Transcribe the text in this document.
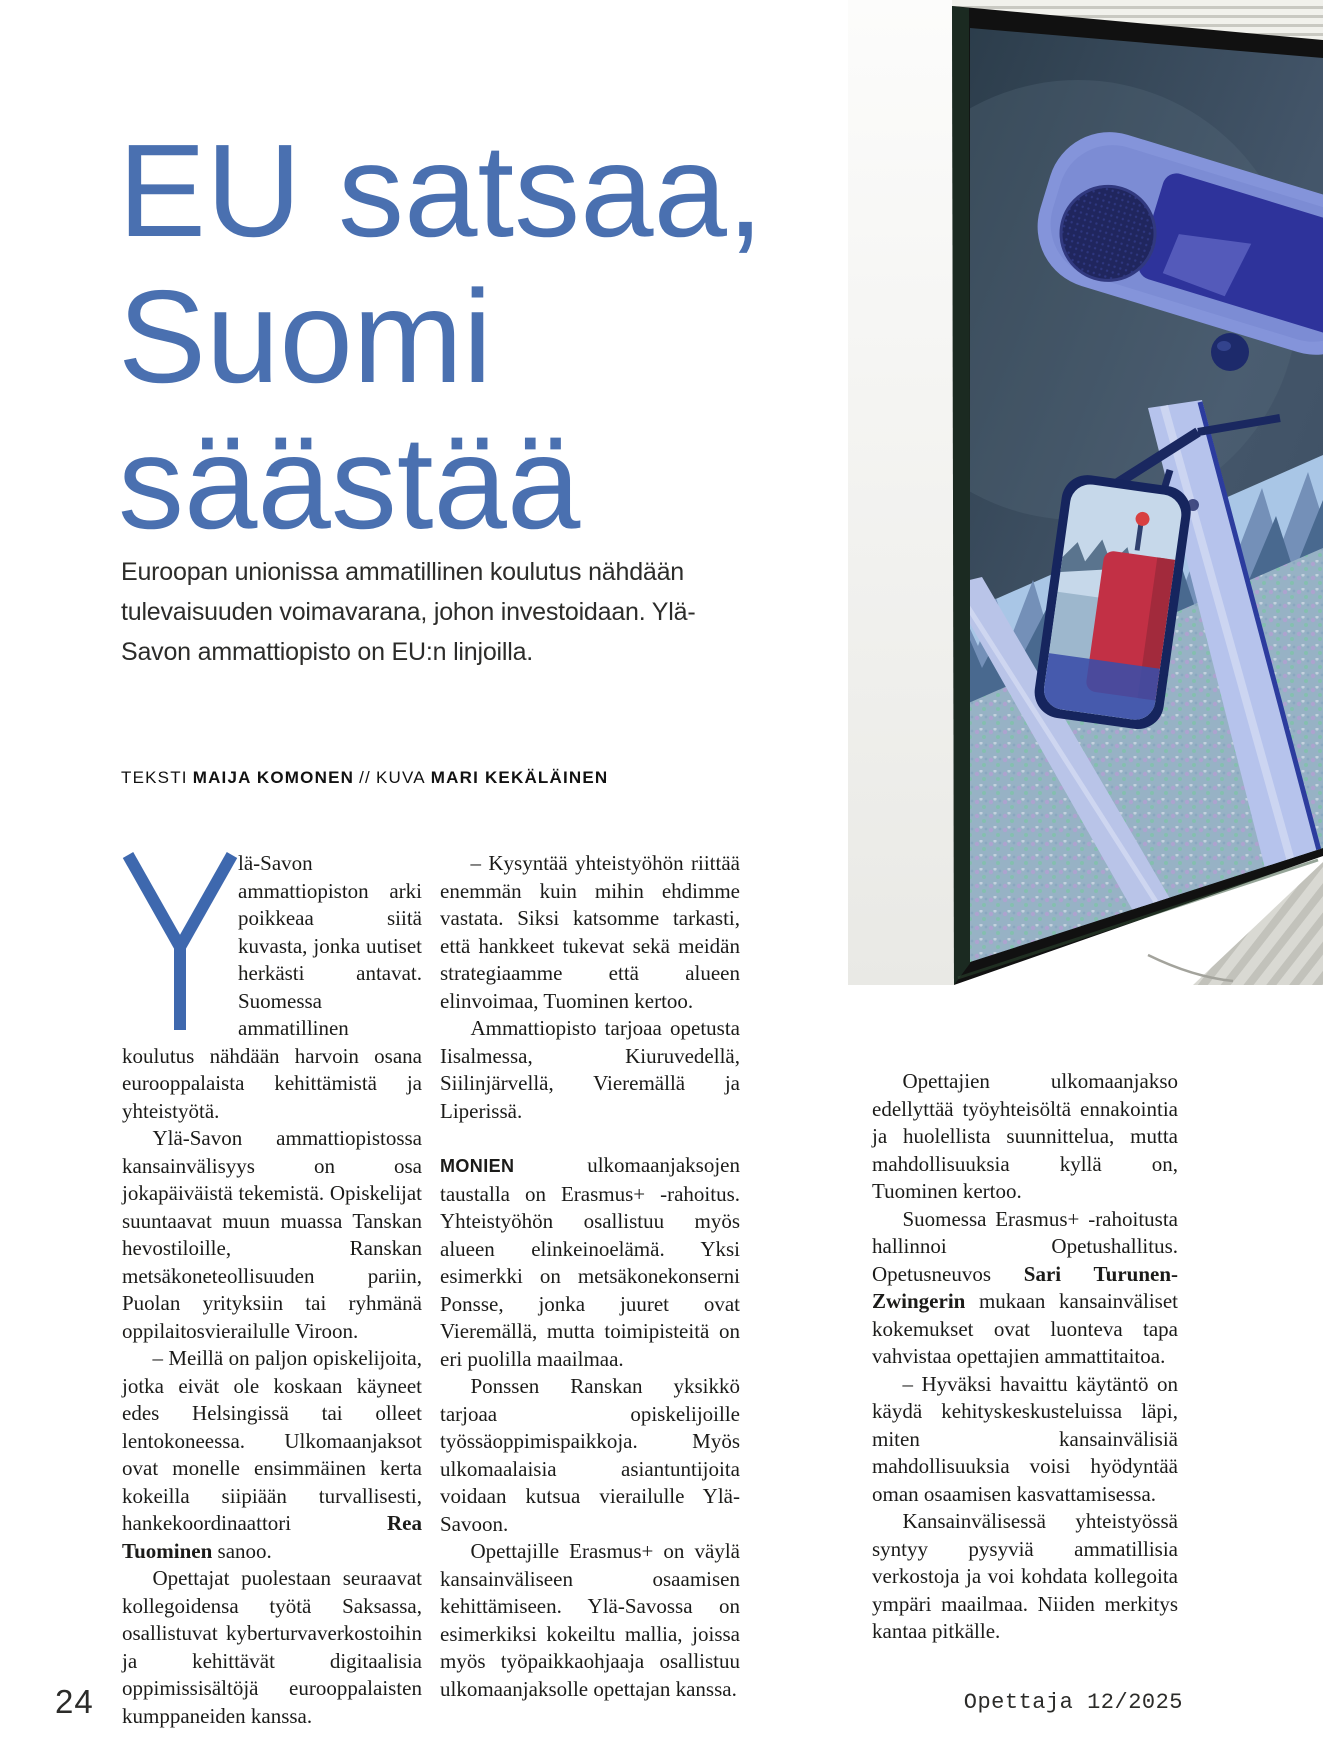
EU satsaa,
Suomi
säästää
Euroopan unionissa ammatillinen koulutus nähdään tulevaisuuden voimavarana, johon investoidaan. Ylä-Savon ammattiopisto on EU:n linjoilla.
TEKSTI MAIJA KOMONEN // KUVA MARI KEKÄLÄINEN

lä-Savon ammattiopiston arki poikkeaa siitä kuvasta, jonka uutiset herkästi antavat. Suomessa ammatillinen koulutus nähdään harvoin osana eurooppalaista kehittämistä ja yhteistyötä.

Ylä-Savon ammattiopistossa kansainvälisyys on osa jokapäiväistä tekemistä. Opiskelijat suuntaavat muun muassa Tanskan hevostiloille, Ranskan metsäkoneteollisuuden pariin, Puolan yrityksiin tai ryhmänä oppilaitosvierailulle Viroon.

– Meillä on paljon opiskelijoita, jotka eivät ole koskaan käyneet edes Helsingissä tai olleet lentokoneessa. Ulkomaanjaksot ovat monelle ensimmäinen kerta kokeilla siipiään turvallisesti, hankekoordinaattori Rea Tuominen sanoo.

Opettajat puolestaan seuraavat kollegoidensa työtä Saksassa, osallistuvat kyberturvaverkostoihin ja kehittävät digitaalisia oppimissisältöjä eurooppalaisten kumppaneiden kanssa.

– Kysyntää yhteistyöhön riittää enemmän kuin mihin ehdimme vastata. Siksi katsomme tarkasti, että hankkeet tukevat sekä meidän strategiaamme että alueen elinvoimaa, Tuominen kertoo.

Ammattiopisto tarjoaa opetusta Iisalmessa, Kiuruvedellä, Siilinjärvellä, Vieremällä ja Liperissä.

MONIEN ulkomaanjaksojen taustalla on Erasmus+ -rahoitus. Yhteistyöhön osallistuu myös alueen elinkeinoelämä. Yksi esimerkki on metsäkonekonserni Ponsse, jonka juuret ovat Vieremällä, mutta toimipisteitä on eri puolilla maailmaa.

Ponssen Ranskan yksikkö tarjoaa opiskelijoille työssäoppimispaikkoja. Myös ulkomaalaisia asiantuntijoita voidaan kutsua vierailulle Ylä-Savoon.

Opettajille Erasmus+ on väylä kansainväliseen osaamisen kehittämiseen. Ylä-Savossa on esimerkiksi kokeiltu mallia, joissa myös työpaikkaohjaaja osallistuu ulkomaanjaksolle opettajan kanssa.

Opettajien ulkomaanjakso edellyttää työyhteisöltä ennakointia ja huolellista suunnittelua, mutta mahdollisuuksia kyllä on, Tuominen kertoo.

Suomessa Erasmus+ -rahoitusta hallinnoi Opetushallitus. Opetusneuvos Sari Turunen-Zwingerin mukaan kansainväliset kokemukset ovat luonteva tapa vahvistaa opettajien ammattitaitoa.

– Hyväksi havaittu käytäntö on käydä kehityskeskusteluissa läpi, miten kansainvälisiä mahdollisuuksia voisi hyödyntää oman osaamisen kasvattamisessa.

Kansainvälisessä yhteistyössä syntyy pysyviä ammatillisia verkostoja ja voi kohdata kollegoita ympäri maailmaa. Niiden merkitys kantaa pitkälle.

24	Opettaja 12/2025
